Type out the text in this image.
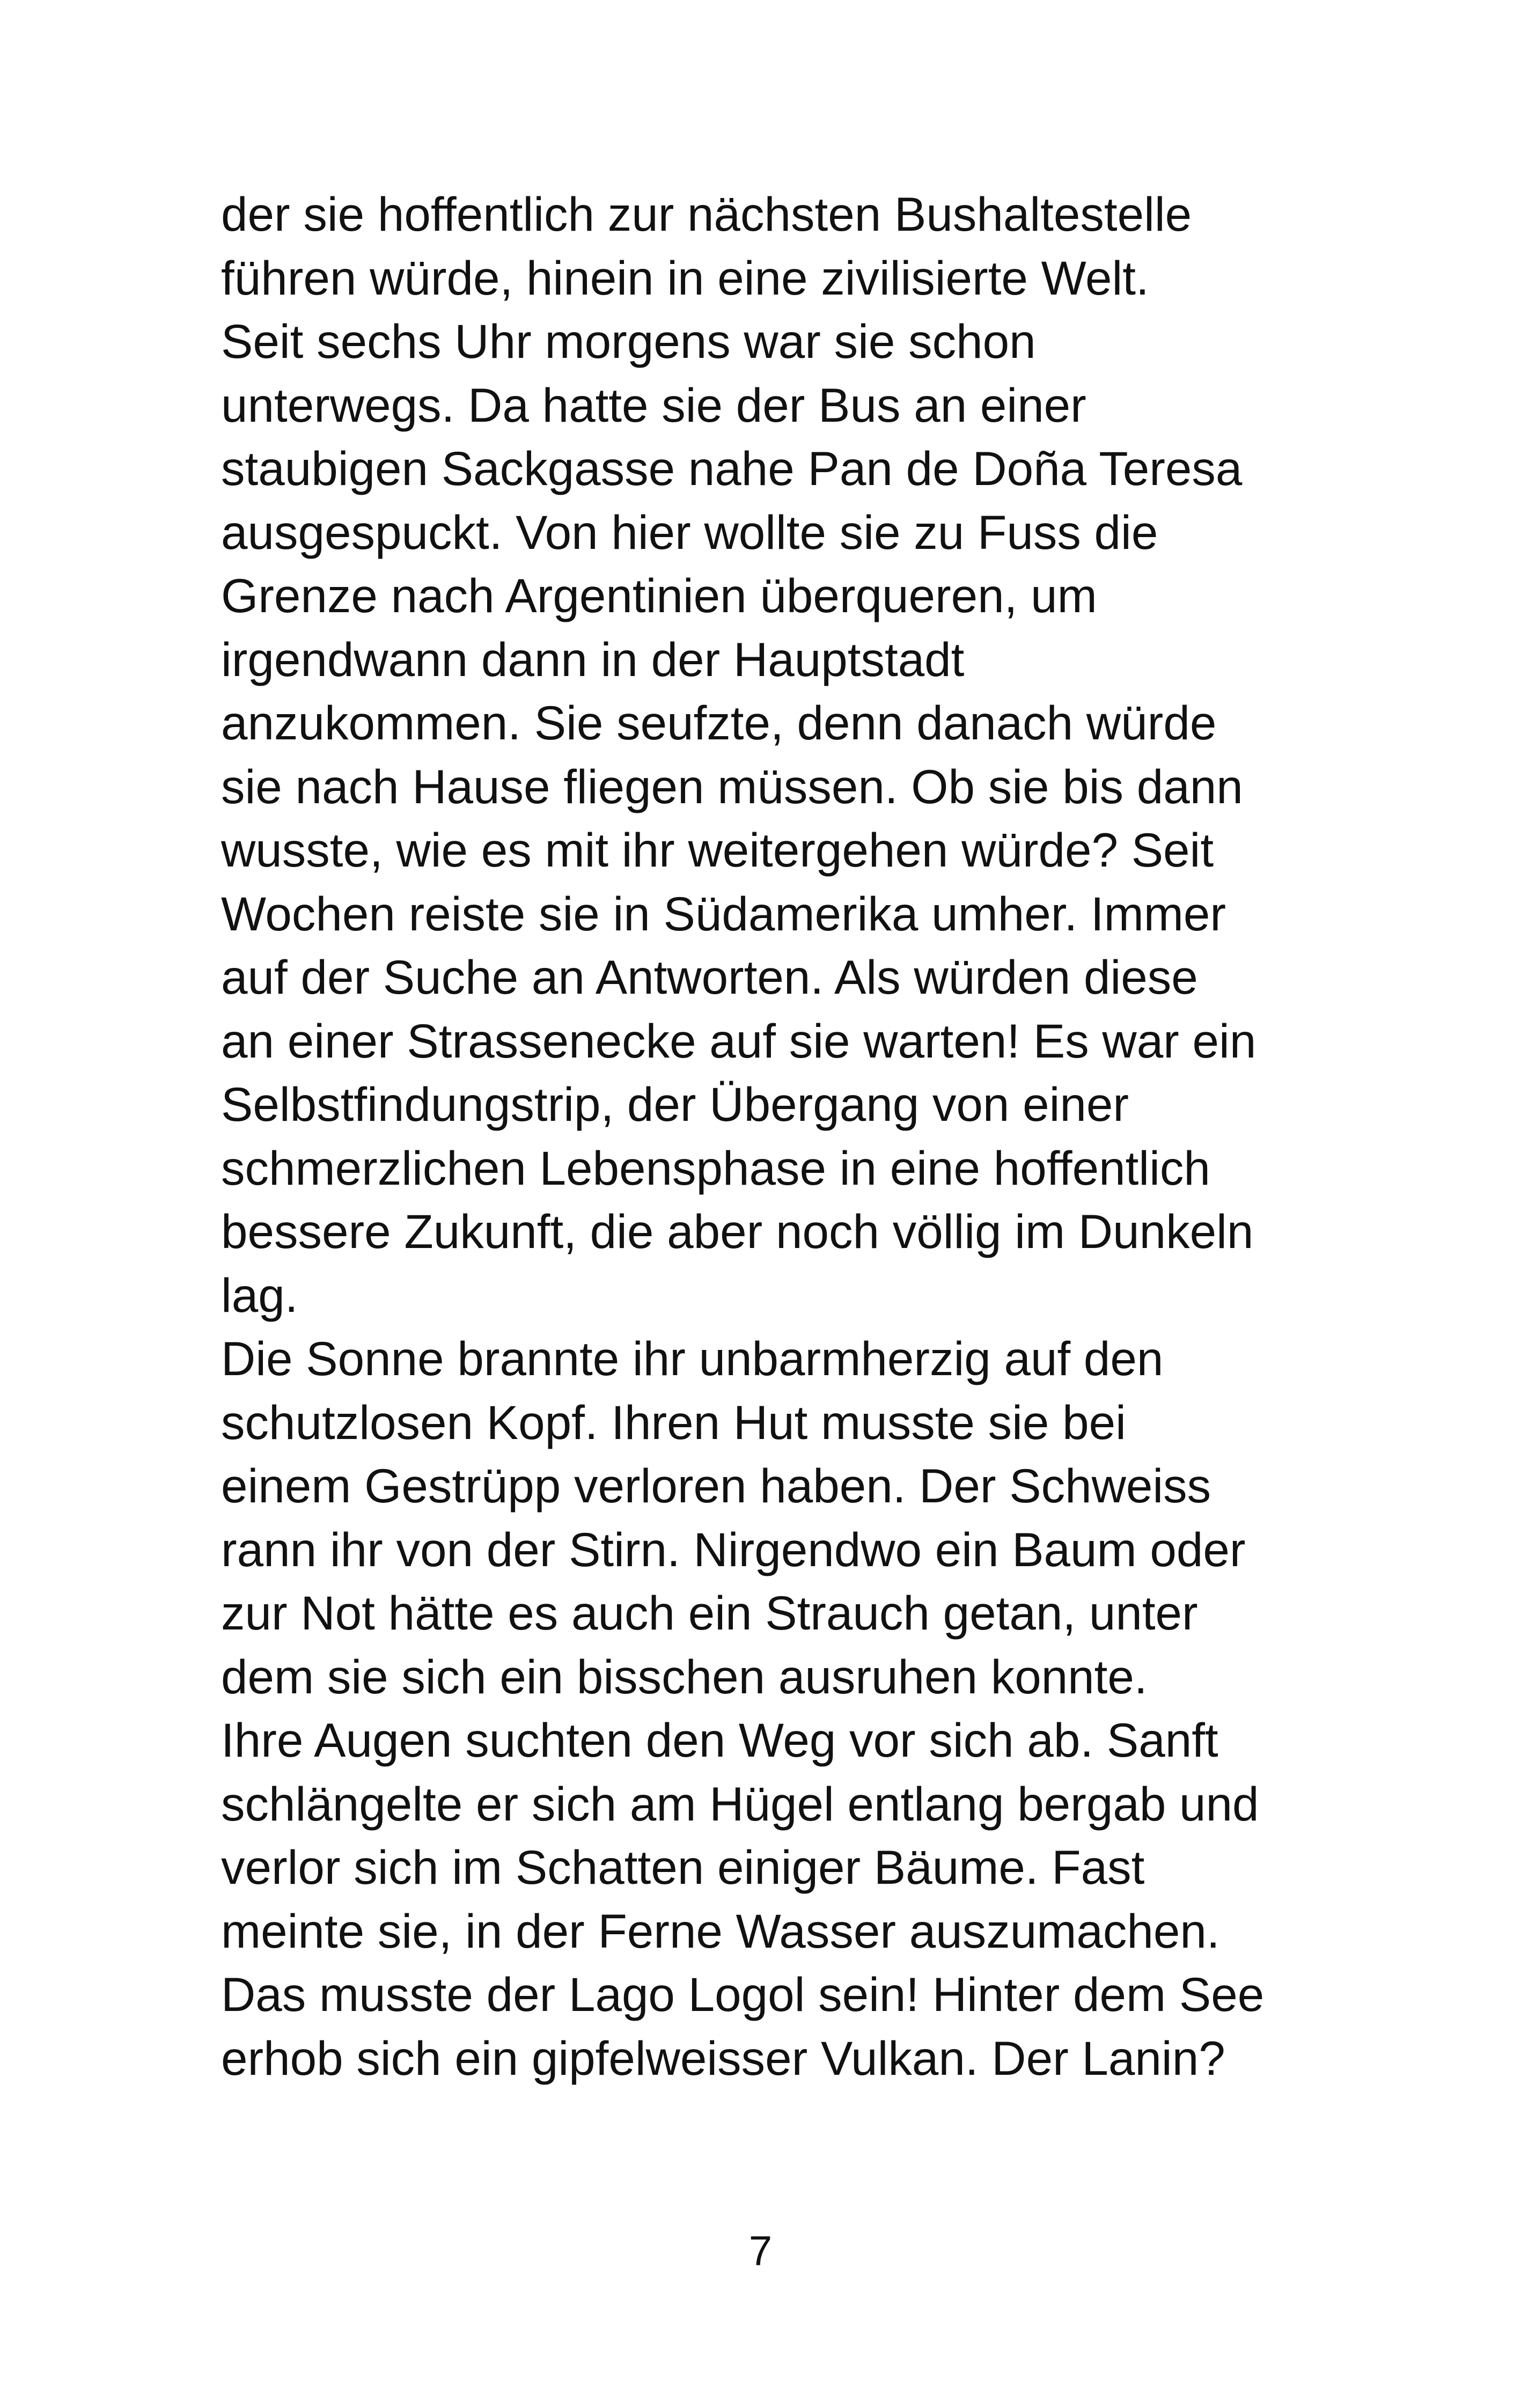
der sie hoffentlich zur nächsten Bushaltestelle
führen würde, hinein in eine zivilisierte Welt.
Seit sechs Uhr morgens war sie schon
unterwegs. Da hatte sie der Bus an einer
staubigen Sackgasse nahe Pan de Doña Teresa
ausgespuckt. Von hier wollte sie zu Fuss die
Grenze nach Argentinien überqueren, um
irgendwann dann in der Hauptstadt
anzukommen. Sie seufzte, denn danach würde
sie nach Hause fliegen müssen. Ob sie bis dann
wusste, wie es mit ihr weitergehen würde? Seit
Wochen reiste sie in Südamerika umher. Immer
auf der Suche an Antworten. Als würden diese
an einer Strassenecke auf sie warten! Es war ein
Selbstfindungstrip, der Übergang von einer
schmerzlichen Lebensphase in eine hoffentlich
bessere Zukunft, die aber noch völlig im Dunkeln
lag.
Die Sonne brannte ihr unbarmherzig auf den
schutzlosen Kopf. Ihren Hut musste sie bei
einem Gestrüpp verloren haben. Der Schweiss
rann ihr von der Stirn. Nirgendwo ein Baum oder
zur Not hätte es auch ein Strauch getan, unter
dem sie sich ein bisschen ausruhen konnte.
Ihre Augen suchten den Weg vor sich ab. Sanft
schlängelte er sich am Hügel entlang bergab und
verlor sich im Schatten einiger Bäume. Fast
meinte sie, in der Ferne Wasser auszumachen.
Das musste der Lago Logol sein! Hinter dem See
erhob sich ein gipfelweisser Vulkan. Der Lanin?
7
